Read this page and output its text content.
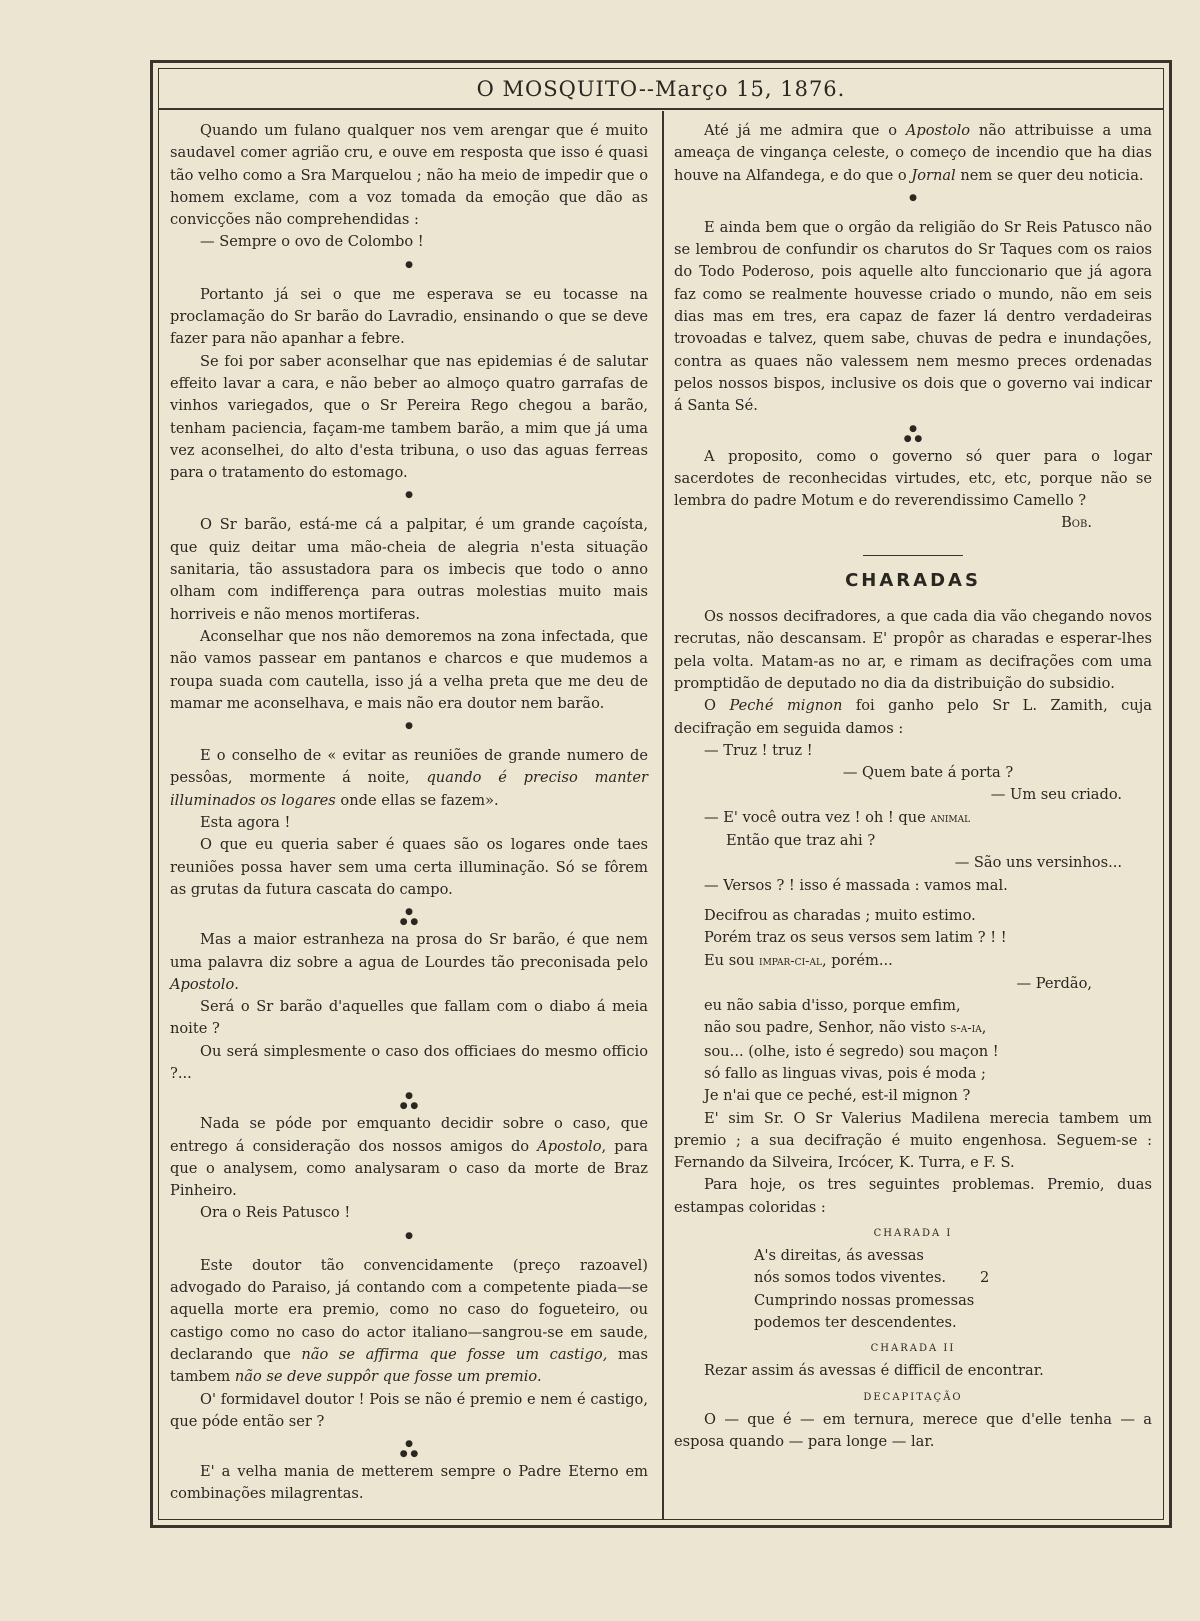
O MOSQUITO--Março 15, 1876.

Quando um fulano qualquer nos vem arengar que é muito saudavel comer agrião cru, e ouve em resposta que isso é quasi tão velho como a Sra Marquelou ; não ha meio de impedir que o homem exclame, com a voz tomada da emoção que dão as convicções não comprehendidas :

— Sempre o ovo de Colombo !

●

Portanto já sei o que me esperava se eu tocasse na proclamação do Sr barão do Lavradio, ensinando o que se deve fazer para não apanhar a febre.

Se foi por saber aconselhar que nas epidemias é de salutar effeito lavar a cara, e não beber ao almoço quatro garrafas de vinhos variegados, que o Sr Pereira Rego chegou a barão, tenham paciencia, façam-me tambem barão, a mim que já uma vez aconselhei, do alto d'esta tribuna, o uso das aguas ferreas para o tratamento do estomago.

●

O Sr barão, está-me cá a palpitar, é um grande caçoísta, que quiz deitar uma mão-cheia de alegria n'esta situação sanitaria, tão assustadora para os imbecis que todo o anno olham com indifferença para outras molestias muito mais horriveis e não menos mortiferas.

Aconselhar que nos não demoremos na zona infectada, que não vamos passear em pantanos e charcos e que mudemos a roupa suada com cautella, isso já a velha preta que me deu de mamar me aconselhava, e mais não era doutor nem barão.

●

E o conselho de « evitar as reuniões de grande numero de pessôas, mormente á noite, quando é preciso manter illuminados os logares onde ellas se fazem».

Esta agora !

O que eu queria saber é quaes são os logares onde taes reuniões possa haver sem uma certa illuminação. Só se fôrem as grutas da futura cascata do campo.

●
● ●

Mas a maior estranheza na prosa do Sr barão, é que nem uma palavra diz sobre a agua de Lourdes tão preconisada pelo Apostolo.

Será o Sr barão d'aquelles que fallam com o diabo á meia noite ?

Ou será simplesmente o caso dos officiaes do mesmo officio ?...

●
● ●

Nada se póde por emquanto decidir sobre o caso, que entrego á consideração dos nossos amigos do Apostolo, para que o analysem, como analysaram o caso da morte de Braz Pinheiro.

Ora o Reis Patusco !

●

Este doutor tão convencidamente (preço razoavel) advogado do Paraiso, já contando com a competente piada—se aquella morte era premio, como no caso do fogueteiro, ou castigo como no caso do actor italiano—sangrou-se em saude, declarando que não se affirma que fosse um castigo, mas tambem não se deve suppôr que fosse um premio.

O' formidavel doutor ! Pois se não é premio e nem é castigo, que póde então ser ?

●
● ●

E' a velha mania de metterem sempre o Padre Eterno em combinações milagrentas.

Até já me admira que o Apostolo não attribuisse a uma ameaça de vingança celeste, o começo de incendio que ha dias houve na Alfandega, e do que o Jornal nem se quer deu noticia.

●

E ainda bem que o orgão da religião do Sr Reis Patusco não se lembrou de confundir os charutos do Sr Taques com os raios do Todo Poderoso, pois aquelle alto funccionario que já agora faz como se realmente houvesse criado o mundo, não em seis dias mas em tres, era capaz de fazer lá dentro verdadeiras trovoadas e talvez, quem sabe, chuvas de pedra e inundações, contra as quaes não valessem nem mesmo preces ordenadas pelos nossos bispos, inclusive os dois que o governo vai indicar á Santa Sé.

●
● ●

A proposito, como o governo só quer para o logar sacerdotes de reconhecidas virtudes, etc, etc, porque não se lembra do padre Motum e do reverendissimo Camello ?

Bob.
CHARADAS

Os nossos decifradores, a que cada dia vão chegando novos recrutas, não descansam. E' propôr as charadas e esperar-lhes pela volta. Matam-as no ar, e rimam as decifrações com uma promptidão de deputado no dia da distribuição do subsidio.

O Peché mignon foi ganho pelo Sr L. Zamith, cuja decifração em seguida damos :

— Truz ! truz !
— Quem bate á porta ?
— Um seu criado.
— E' você outra vez ! oh ! que animal
Então que traz ahi ?
— São uns versinhos...
— Versos ? ! isso é massada : vamos mal.
Decifrou as charadas ; muito estimo.
Porém traz os seus versos sem latim ? ! !
Eu sou impar-ci-al, porém...
— Perdão,
eu não sabia d'isso, porque emfim,
não sou padre, Senhor, não visto s-a-ia,
sou... (olhe, isto é segredo) sou maçon !
só fallo as linguas vivas, pois é moda ;
Je n'ai que ce peché, est-il mignon ?

E' sim Sr. O Sr Valerius Madilena merecia tambem um premio ; a sua decifração é muito engenhosa. Seguem-se : Fernando da Silveira, Ircócer, K. Turra, e F. S.

Para hoje, os tres seguintes problemas. Premio, duas estampas coloridas :

CHARADA I
A's direitas, ás avessas
nós somos todos viventes.	2
Cumprindo nossas promessas
podemos ter descendentes.
CHARADA II

Rezar assim ás avessas é difficil de encontrar.

DECAPITAÇÃO

O — que é — em ternura, merece que d'elle tenha — a esposa quando — para longe — lar.
